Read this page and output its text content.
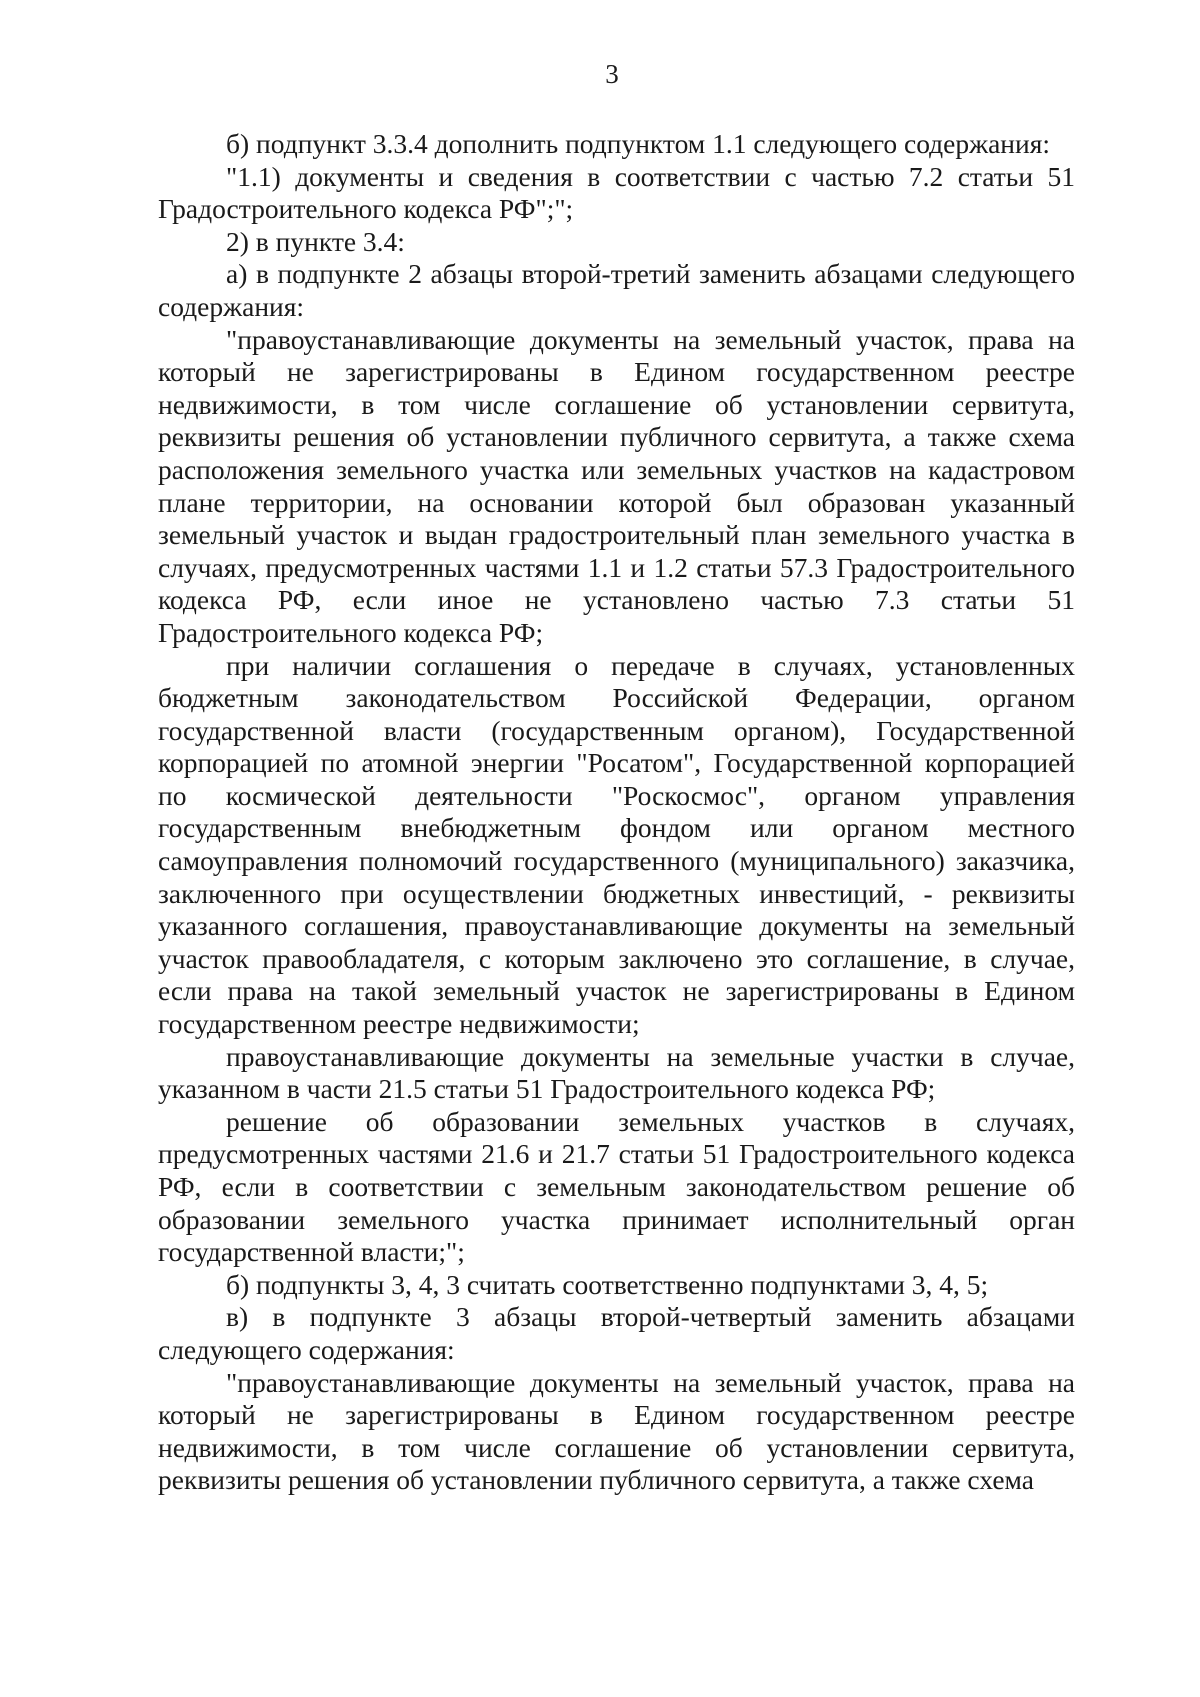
3

б) подпункт 3.3.4 дополнить подпунктом 1.1 следующего содержания:

"1.1) документы и сведения в соответствии с частью 7.2 статьи 51 Градостроительного кодекса РФ";";

2) в пункте 3.4:

а) в подпункте 2 абзацы второй-третий заменить абзацами следующего содержания:

"правоустанавливающие документы на земельный участок, права на который не зарегистрированы в Едином государственном реестре недвижимости, в том числе соглашение об установлении сервитута, реквизиты решения об установлении публичного сервитута, а также схема расположения земельного участка или земельных участков на кадастровом плане территории, на основании которой был образован указанный земельный участок и выдан градостроительный план земельного участка в случаях, предусмотренных частями 1.1 и 1.2 статьи 57.3 Градостроительного кодекса РФ, если иное не установлено частью 7.3 статьи 51 Градостроительного кодекса РФ;

при наличии соглашения о передаче в случаях, установленных бюджетным законодательством Российской Федерации, органом государственной власти (государственным органом), Государственной корпорацией по атомной энергии "Росатом", Государственной корпорацией по космической деятельности "Роскосмос", органом управления государственным внебюджетным фондом или органом местного самоуправления полномочий государственного (муниципального) заказчика, заключенного при осуществлении бюджетных инвестиций, - реквизиты указанного соглашения, правоустанавливающие документы на земельный участок правообладателя, с которым заключено это соглашение, в случае, если права на такой земельный участок не зарегистрированы в Едином государственном реестре недвижимости;

правоустанавливающие документы на земельные участки в случае, указанном в части 21.5 статьи 51 Градостроительного кодекса РФ;

решение об образовании земельных участков в случаях, предусмотренных частями 21.6 и 21.7 статьи 51 Градостроительного кодекса РФ, если в соответствии с земельным законодательством решение об образовании земельного участка принимает исполнительный орган государственной власти;";

б) подпункты 3, 4, 3 считать соответственно подпунктами 3, 4, 5;

в) в подпункте 3 абзацы второй-четвертый заменить абзацами следующего содержания:

"правоустанавливающие документы на земельный участок, права на который не зарегистрированы в Едином государственном реестре недвижимости, в том числе соглашение об установлении сервитута, реквизиты решения об установлении публичного сервитута, а также схема
